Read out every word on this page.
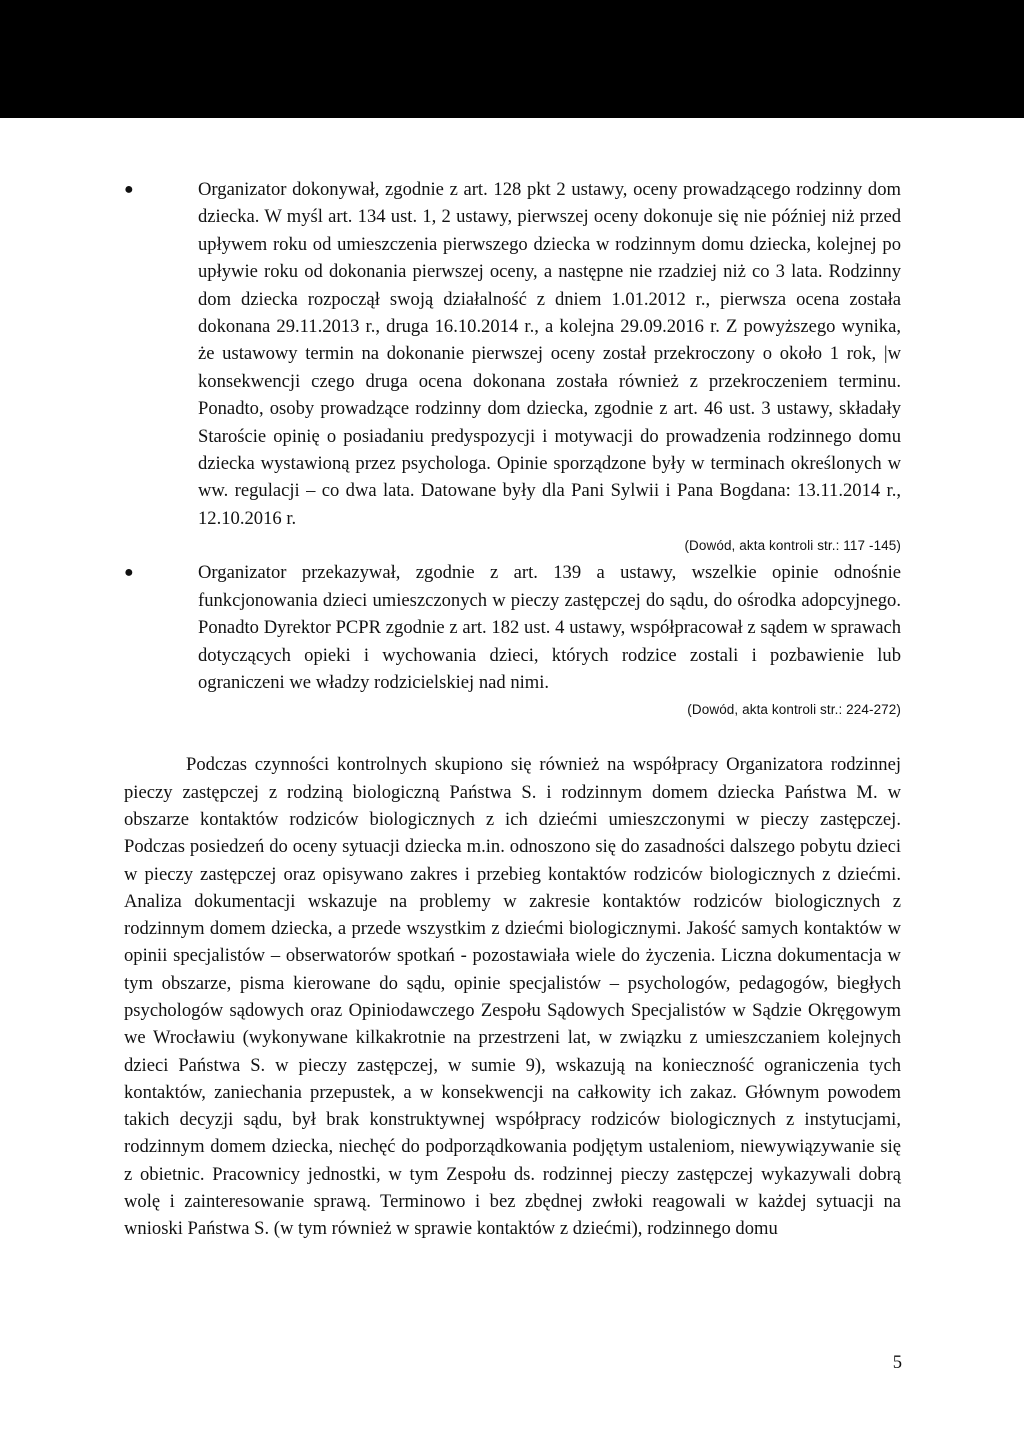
●	Organizator dokonywał, zgodnie z art. 128 pkt 2 ustawy, oceny prowadzącego rodzinny dom dziecka. W myśl art. 134 ust. 1, 2 ustawy, pierwszej oceny dokonuje się nie później niż przed upływem roku od umieszczenia pierwszego dziecka w rodzinnym domu dziecka, kolejnej po upływie roku od dokonania pierwszej oceny, a następne nie rzadziej niż co 3 lata. Rodzinny dom dziecka rozpoczął swoją działalność z dniem 1.01.2012 r., pierwsza ocena została dokonana 29.11.2013 r., druga 16.10.2014 r., a kolejna 29.09.2016 r. Z powyższego wynika, że ustawowy termin na dokonanie pierwszej oceny został przekroczony o około 1 rok, |w konsekwencji czego druga ocena dokonana została również z przekroczeniem terminu. Ponadto, osoby prowadzące rodzinny dom dziecka, zgodnie z art. 46 ust. 3 ustawy, składały Staroście opinię o posiadaniu predyspozycji i motywacji do prowadzenia rodzinnego domu dziecka wystawioną przez psychologa. Opinie sporządzone były w terminach określonych w ww. regulacji – co dwa lata. Datowane były dla Pani Sylwii i Pana Bogdana: 13.11.2014 r., 12.10.2016 r.

(Dowód, akta kontroli str.: 117 -145)

●	Organizator przekazywał, zgodnie z art. 139 a ustawy, wszelkie opinie odnośnie funkcjonowania dzieci umieszczonych w pieczy zastępczej do sądu, do ośrodka adopcyjnego. Ponadto Dyrektor PCPR zgodnie z art. 182 ust. 4 ustawy, współpracował z sądem w sprawach dotyczących opieki i wychowania dzieci, których rodzice zostali i pozbawienie lub ograniczeni we władzy rodzicielskiej nad nimi.

(Dowód, akta kontroli str.: 224-272)

Podczas czynności kontrolnych skupiono się również na współpracy Organizatora rodzinnej pieczy zastępczej z rodziną biologiczną Państwa S. i rodzinnym domem dziecka Państwa M. w obszarze kontaktów rodziców biologicznych z ich dziećmi umieszczonymi w pieczy zastępczej. Podczas posiedzeń do oceny sytuacji dziecka m.in. odnoszono się do zasadności dalszego pobytu dzieci w pieczy zastępczej oraz opisywano zakres i przebieg kontaktów rodziców biologicznych z dziećmi. Analiza dokumentacji wskazuje na problemy w zakresie kontaktów rodziców biologicznych z rodzinnym domem dziecka, a przede wszystkim z dziećmi biologicznymi. Jakość samych kontaktów w opinii specjalistów – obserwatorów spotkań - pozostawiała wiele do życzenia. Liczna dokumentacja w tym obszarze, pisma kierowane do sądu, opinie specjalistów – psychologów, pedagogów, biegłych psychologów sądowych oraz Opiniodawczego Zespołu Sądowych Specjalistów w Sądzie Okręgowym we Wrocławiu (wykonywane kilkakrotnie na przestrzeni lat, w związku z umieszczaniem kolejnych dzieci Państwa S. w pieczy zastępczej, w sumie 9), wskazują na konieczność ograniczenia tych kontaktów, zaniechania przepustek, a w konsekwencji na całkowity ich zakaz. Głównym powodem takich decyzji sądu, był brak konstruktywnej współpracy rodziców biologicznych z instytucjami, rodzinnym domem dziecka, niechęć do podporządkowania podjętym ustaleniom, niewywiązywanie się z obietnic. Pracownicy jednostki, w tym Zespołu ds. rodzinnej pieczy zastępczej wykazywali dobrą wolę i zainteresowanie sprawą. Terminowo i bez zbędnej zwłoki reagowali w każdej sytuacji na wnioski Państwa S. (w tym również w sprawie kontaktów z dziećmi), rodzinnego domu

5
